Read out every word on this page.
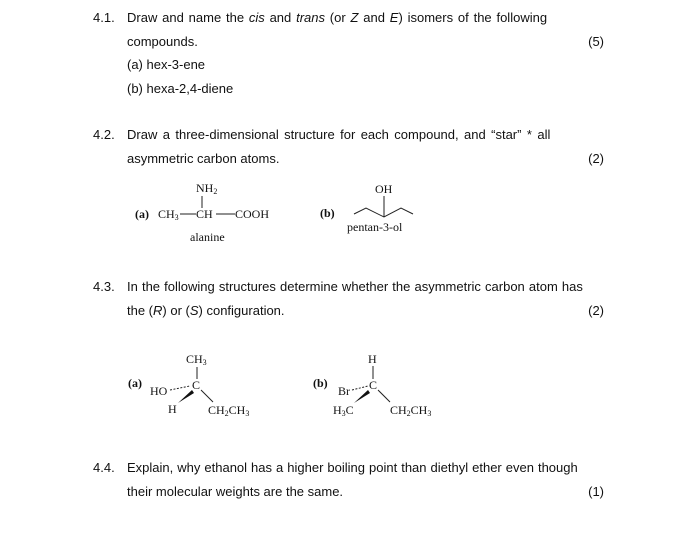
4.1. Draw and name the cis and trans (or Z and E) isomers of the following
compounds.	(5)
(a) hex-3-ene
(b) hexa-2,4-diene
4.2. Draw a three-dimensional structure for each compound, and “star” * all
asymmetric carbon atoms.	(2)
(a)
$NH_2$
$CH_3$ CH COOH
alanine
(b)
OH
pentan-3-ol
4.3. In the following structures determine whether the asymmetric carbon atom has
the (R) or (S) configuration.	(2)
(a)
$CH_3$
HO C
H	$CH_2CH_3$
(b)
H
Br C
$H_3C$	$CH_2CH_3$
4.4. Explain, why ethanol has a higher boiling point than diethyl ether even though
their molecular weights are the same.	(1)
